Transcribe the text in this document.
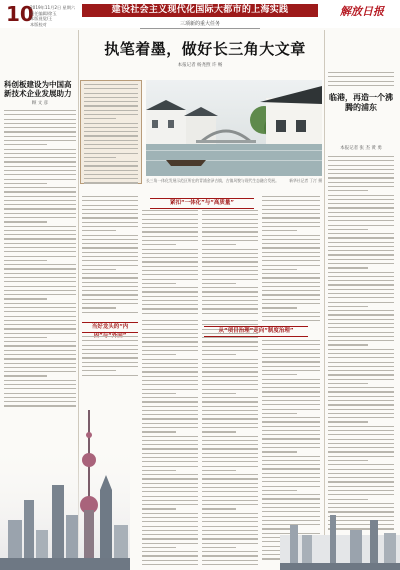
10
2019年11月2日 星期六
责任编辑/徐玉
本版视觉/王
本版校对
建设社会主义现代化国际大都市的上海实践	解放日报
三项新的重大任务
执笔着墨，做好长三角大文章
本报记者 杨尧煦 许 畅
科创板建设为中国高新技术企业发展助力
顾 文 彦
长三角一体化发展示范区所在的青浦金泽古镇，古镇风貌与现代生态融合发展。	新华社记者 丁汀 摄
紧扣“一体化”与“高质量”
当好龙头的“内
从“项目治理”走向“制度治理”
临港，再造一个沸腾的浦东
本报记者 张 杰 黄 勇
